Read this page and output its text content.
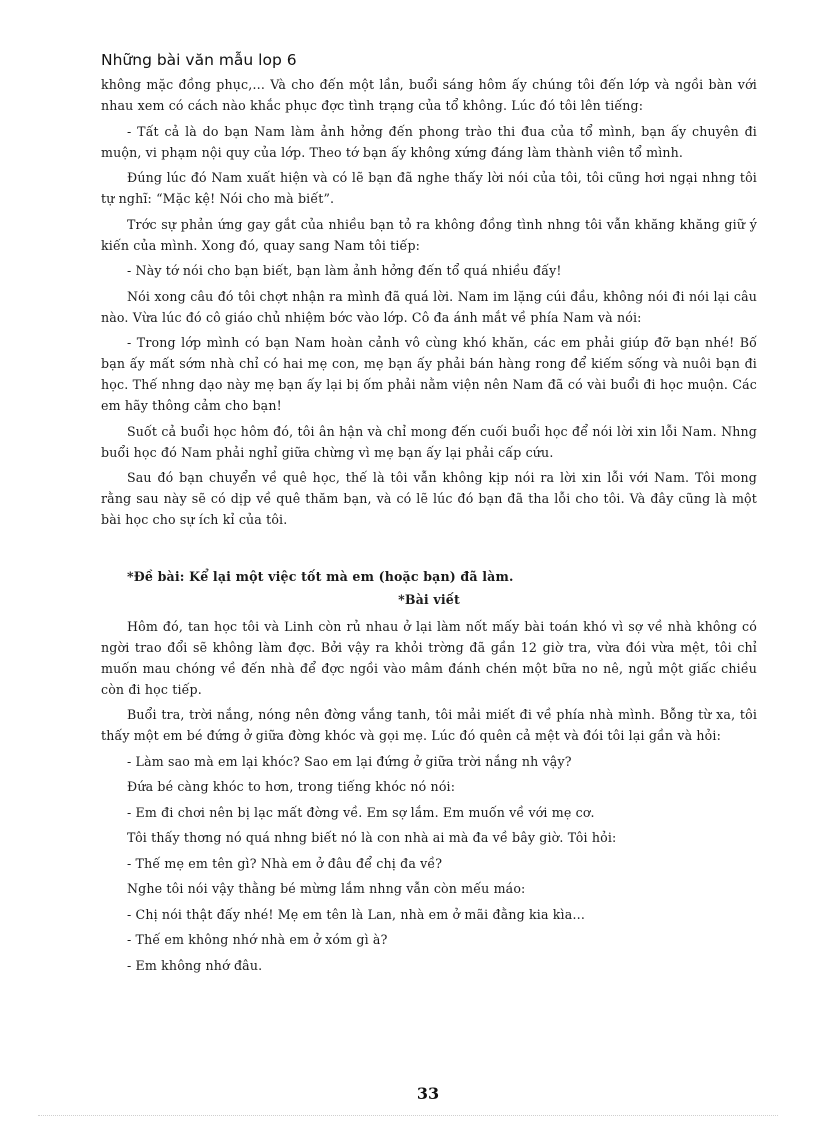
Những bài văn mẫu lop 6

không mặc đồng phục,… Và cho đến một lần, buổi sáng hôm ấy chúng tôi đến lớp và ngồi bàn với nhau xem có cách nào khắc phục đợc tình trạng của tổ không. Lúc đó tôi lên tiếng:

- Tất cả là do bạn Nam làm ảnh hởng đến phong trào thi đua của tổ mình, bạn ấy chuyên đi muộn, vi phạm nội quy của lớp. Theo tớ bạn ấy không xứng đáng làm thành viên tổ mình.

Đúng lúc đó Nam xuất hiện và có lẽ bạn đã nghe thấy lời nói của tôi, tôi cũng hơi ngại nhng tôi tự nghĩ: “Mặc kệ! Nói cho mà biết”.

Trớc sự phản ứng gay gắt của nhiều bạn tỏ ra không đồng tình nhng tôi vẫn khăng khăng giữ ý kiến của mình. Xong đó, quay sang Nam tôi tiếp:

- Này tớ nói cho bạn biết, bạn làm ảnh hởng đến tổ quá nhiều đấy!

Nói xong câu đó tôi chợt nhận ra mình đã quá lời. Nam im lặng cúi đầu, không nói đi nói lại câu nào. Vừa lúc đó cô giáo chủ nhiệm bớc vào lớp. Cô đa ánh mắt về phía Nam và nói:

- Trong lớp mình có bạn Nam hoàn cảnh vô cùng khó khăn, các em phải giúp đỡ bạn nhé! Bố bạn ấy mất sớm nhà chỉ có hai mẹ con, mẹ bạn ấy phải bán hàng rong để kiếm sống và nuôi bạn đi học. Thế nhng dạo này mẹ bạn ấy lại bị ốm phải nằm viện nên Nam đã có vài buổi đi học muộn. Các em hãy thông cảm cho bạn!

Suốt cả buổi học hôm đó, tôi ân hận và chỉ mong đến cuối buổi học để nói lời xin lỗi Nam. Nhng buổi học đó Nam phải nghỉ giữa chừng vì mẹ bạn ấy lại phải cấp cứu.

Sau đó bạn chuyển về quê học, thế là tôi vẫn không kịp nói ra lời xin lỗi với Nam. Tôi mong rằng sau này sẽ có dịp về quê thăm bạn, và có lẽ lúc đó bạn đã tha lỗi cho tôi. Và đây cũng là một bài học cho sự ích kỉ của tôi.

*Đề bài: Kể lại một việc tốt mà em (hoặc bạn) đã làm.

*Bài viết

Hôm đó, tan học tôi và Linh còn rủ nhau ở lại làm nốt mấy bài toán khó vì sợ về nhà không có ngời trao đổi sẽ không làm đợc. Bởi vậy ra khỏi trờng đã gần 12 giờ tra, vừa đói vừa mệt, tôi chỉ muốn mau chóng về đến nhà để đợc ngồi vào mâm đánh chén một bữa no nê, ngủ một giấc chiều còn đi học tiếp.

Buổi tra, trời nắng, nóng nên đờng vắng tanh, tôi mải miết đi về phía nhà mình. Bỗng từ xa, tôi thấy một em bé đứng ở giữa đờng khóc và gọi mẹ. Lúc đó quên cả mệt và đói tôi lại gần và hỏi:

- Làm sao mà em lại khóc? Sao em lại đứng ở giữa trời nắng nh vậy?

Đứa bé càng khóc to hơn, trong tiếng khóc nó nói:

- Em đi chơi nên bị lạc mất đờng về. Em sợ lắm. Em muốn về với mẹ cơ.

Tôi thấy thơng nó quá nhng biết nó là con nhà ai mà đa về bây giờ. Tôi hỏi:

- Thế mẹ em tên gì? Nhà em ở đâu để chị đa về?

Nghe tôi nói vậy thằng bé mừng lắm nhng vẫn còn mếu máo:

- Chị nói thật đấy nhé! Mẹ em tên là Lan, nhà em ở mãi đằng kia kìa…

- Thế em không nhớ nhà em ở xóm gì à?

- Em không nhớ đâu.

33
